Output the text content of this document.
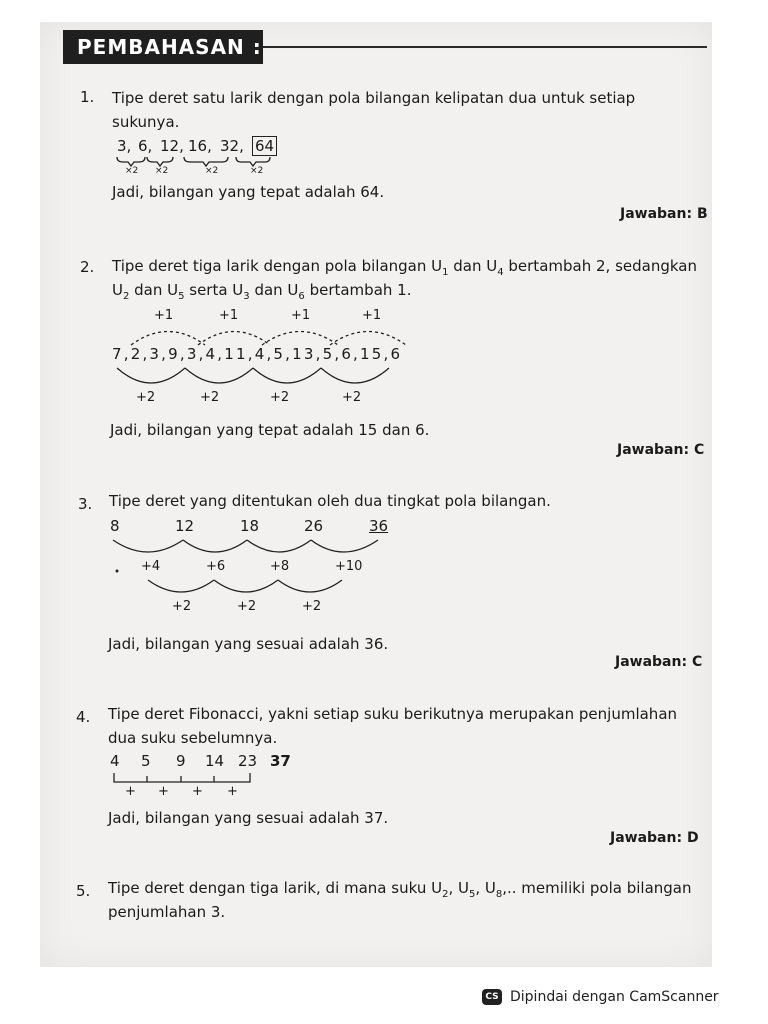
PEMBAHASAN :
1. Tipe deret satu larik dengan pola bilangan kelipatan dua untuk setiap
sukunya.
3, 6, 12, 16, 32, 64
×2 ×2	×2	×2
Jadi, bilangan yang tepat adalah 64.
Jawaban: B
2. Tipe deret tiga larik dengan pola bilangan $U_1$ dan $U_4$ bertambah 2, sedangkan
$U_2$ dan $U_5$ serta $U_3$ dan $U_6$ bertambah 1.
+1	+1	+1	+1
7,2,3,9,3,4,11,4,5,13,5,6,15,6
+2	+2	+2	+2
Jadi, bilangan yang tepat adalah 15 dan 6.
Jawaban: C
3. Tipe deret yang ditentukan oleh dua tingkat pola bilangan.
8	12	18	26	36
+4	+6	+8	+10
+2	+2	+2
Jadi, bilangan yang sesuai adalah 36.
Jawaban: C
4. Tipe deret Fibonacci, yakni setiap suku berikutnya merupakan penjumlahan
dua suku sebelumnya.
4 5 9 14 23 37
+ + + +
Jadi, bilangan yang sesuai adalah 37.
Jawaban: D
5. Tipe deret dengan tiga larik, di mana suku $U_2$, $U_5$, $U_8$,.. memiliki pola bilangan
penjumlahan 3.
CS Dipindai dengan CamScanner
